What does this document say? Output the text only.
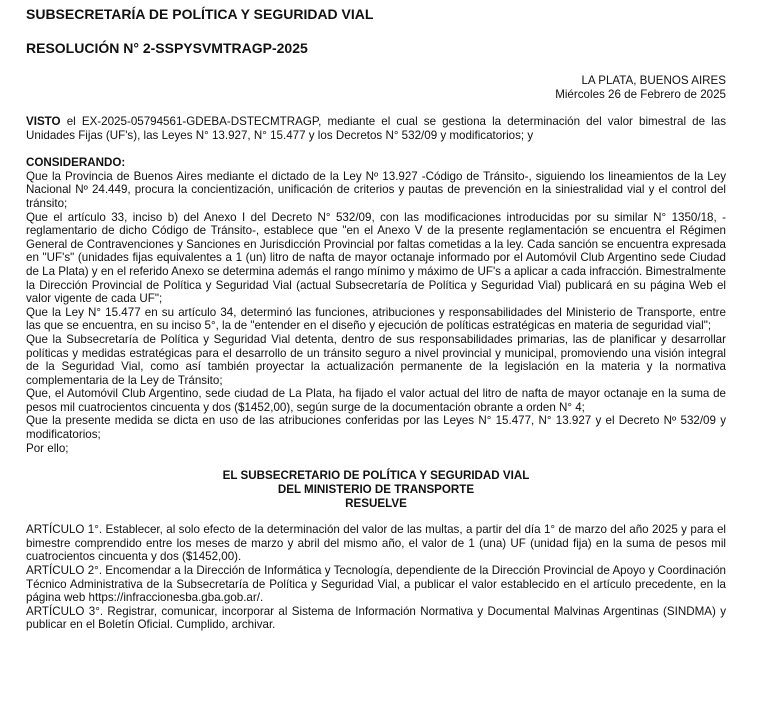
SUBSECRETARÍA DE POLÍTICA Y SEGURIDAD VIAL
RESOLUCIÓN N° 2-SSPYSVMTRAGP-2025
LA PLATA, BUENOS AIRES
Miércoles 26 de Febrero de 2025

VISTO el EX-2025-05794561-GDEBA-DSTECMTRAGP, mediante el cual se gestiona la determinación del valor bimestral de las Unidades Fijas (UF's), las Leyes N° 13.927, N° 15.477 y los Decretos N° 532/09 y modificatorios; y

CONSIDERANDO:

Que la Provincia de Buenos Aires mediante el dictado de la Ley Nº 13.927 -Código de Tránsito-, siguiendo los lineamientos de la Ley Nacional Nº 24.449, procura la concientización, unificación de criterios y pautas de prevención en la siniestralidad vial y el control del tránsito;

Que el artículo 33, inciso b) del Anexo I del Decreto N° 532/09, con las modificaciones introducidas por su similar N° 1350/18, -reglamentario de dicho Código de Tránsito-, establece que "en el Anexo V de la presente reglamentación se encuentra el Régimen General de Contravenciones y Sanciones en Jurisdicción Provincial por faltas cometidas a la ley. Cada sanción se encuentra expresada en "UF's" (unidades fijas equivalentes a 1 (un) litro de nafta de mayor octanaje informado por el Automóvil Club Argentino sede Ciudad de La Plata) y en el referido Anexo se determina además el rango mínimo y máximo de UF's a aplicar a cada infracción. Bimestralmente la Dirección Provincial de Política y Seguridad Vial (actual Subsecretaría de Política y Seguridad Vial) publicará en su página Web el valor vigente de cada UF";

Que la Ley N° 15.477 en su artículo 34, determinó las funciones, atribuciones y responsabilidades del Ministerio de Transporte, entre las que se encuentra, en su inciso 5°, la de "entender en el diseño y ejecución de políticas estratégicas en materia de seguridad vial";

Que la Subsecretaría de Política y Seguridad Vial detenta, dentro de sus responsabilidades primarias, las de planificar y desarrollar políticas y medidas estratégicas para el desarrollo de un tránsito seguro a nivel provincial y municipal, promoviendo una visión integral de la Seguridad Vial, como así también proyectar la actualización permanente de la legislación en la materia y la normativa complementaria de la Ley de Tránsito;

Que, el Automóvil Club Argentino, sede ciudad de La Plata, ha fijado el valor actual del litro de nafta de mayor octanaje en la suma de pesos mil cuatrocientos cincuenta y dos ($1452,00), según surge de la documentación obrante a orden N° 4;

Que la presente medida se dicta en uso de las atribuciones conferidas por las Leyes N° 15.477, N° 13.927 y el Decreto Nº 532/09 y modificatorios;

Por ello;

EL SUBSECRETARIO DE POLÍTICA Y SEGURIDAD VIAL
DEL MINISTERIO DE TRANSPORTE
RESUELVE

ARTÍCULO 1°. Establecer, al solo efecto de la determinación del valor de las multas, a partir del día 1° de marzo del año 2025 y para el bimestre comprendido entre los meses de marzo y abril del mismo año, el valor de 1 (una) UF (unidad fija) en la suma de pesos mil cuatrocientos cincuenta y dos ($1452,00).

ARTÍCULO 2°. Encomendar a la Dirección de Informática y Tecnología, dependiente de la Dirección Provincial de Apoyo y Coordinación Técnico Administrativa de la Subsecretaría de Política y Seguridad Vial, a publicar el valor establecido en el artículo precedente, en la página web https://infraccionesba.gba.gob.ar/.

ARTÍCULO 3°. Registrar, comunicar, incorporar al Sistema de Información Normativa y Documental Malvinas Argentinas (SINDMA) y publicar en el Boletín Oficial. Cumplido, archivar.
